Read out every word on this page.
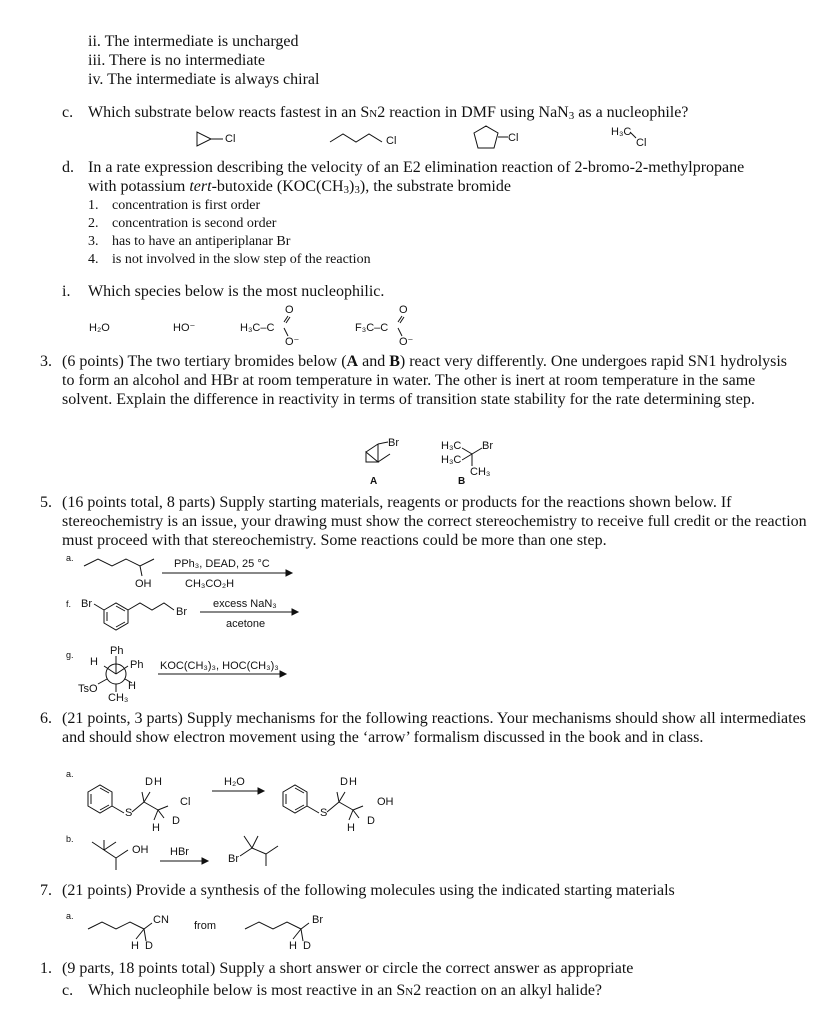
ii. The intermediate is uncharged
iii. There is no intermediate
iv. The intermediate is always chiral
c. Which substrate below reacts fastest in an SN2 reaction in DMF using NaN3 as a nucleophile?
Cl	Cl	Cl	H₃C
Cl
d. In a rate expression describing the velocity of an E2 elimination reaction of 2-bromo-2-methylpropane
with potassium tert-butoxide (KOC(CH3)3), the substrate bromide
1. concentration is first order
2. concentration is second order
3. has to have an antiperiplanar Br
4. is not involved in the slow step of the reaction
i. Which species below is the most nucleophilic.
H₂O	HO⁻	H₃C–C
O
O⁻
F₃C–C
O
O⁻
3. (6 points) The two tertiary bromides below (A and B) react very differently. One undergoes rapid SN1 hydrolysis to form an alcohol and HBr at room temperature in water. The other is inert at room temperature in the same solvent. Explain the difference in reactivity in terms of transition state stability for the rate determining step.
Br
A
H₃C
H₃C
Br
CH₃
B
5. (16 points total, 8 parts) Supply starting materials, reagents or products for the reactions shown below. If stereochemistry is an issue, your drawing must show the correct stereochemistry to receive full credit or the reaction must proceed with that stereochemistry. Some reactions could be more than one step.
a.
OH
PPh₃, DEAD, 25 °C
CH₃CO₂H
f. Br
Br
excess NaN₃
acetone
g.	Ph
H	Ph
TsO	H
CH₃
KOC(CH₃)₃, HOC(CH₃)₃
6. (21 points, 3 parts) Supply mechanisms for the following reactions. Your mechanisms should show all intermediates and should show electron movement using the ‘arrow’ formalism discussed in the book and in class.
a.
S
D H
Cl
H
D
H₂O
S
D H
OH
H
D
b.
OH HBr
Br
7. (21 points) Provide a synthesis of the following molecules using the indicated starting materials
a.	CN
H D
from	Br
H D
1. (9 parts, 18 points total) Supply a short answer or circle the correct answer as appropriate
c. Which nucleophile below is most reactive in an SN2 reaction on an alkyl halide?
